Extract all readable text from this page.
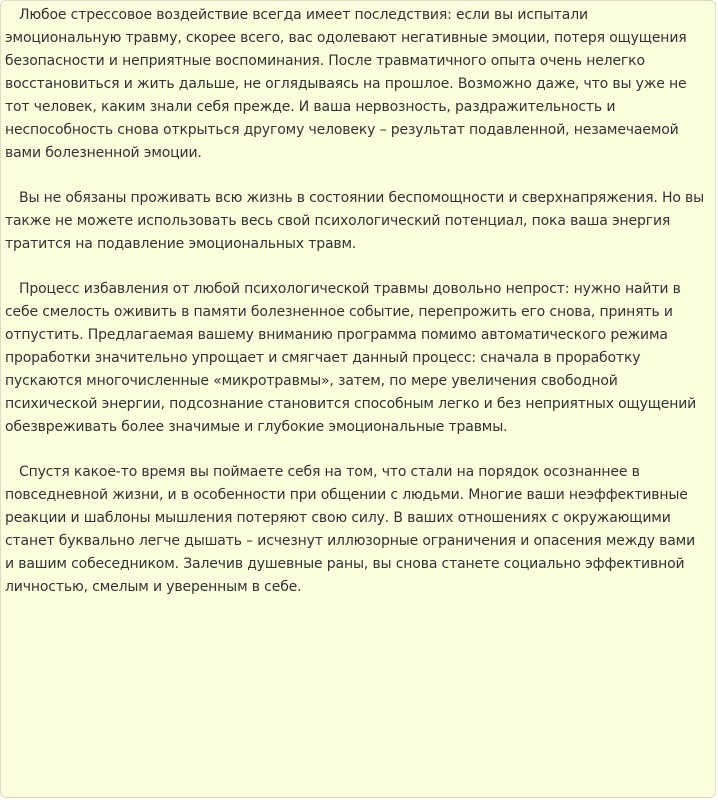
Любое стрессовое воздействие всегда имеет последствия: если вы испытали эмоциональную травму, скорее всего, вас одолевают негативные эмоции, потеря ощущения безопасности и неприятные воспоминания. После травматичного опыта очень нелегко восстановиться и жить дальше, не оглядываясь на прошлое. Возможно даже, что вы уже не тот человек, каким знали себя прежде. И ваша нервозность, раздражительность и неспособность снова открыться другому человеку – результат подавленной, незамечаемой вами болезненной эмоции.

Вы не обязаны проживать всю жизнь в состоянии беспомощности и сверхнапряжения. Но вы также не можете использовать весь свой психологический потенциал, пока ваша энергия тратится на подавление эмоциональных травм.

Процесс избавления от любой психологической травмы довольно непрост: нужно найти в себе смелость оживить в памяти болезненное событие, перепрожить его снова, принять и отпустить. Предлагаемая вашему вниманию программа помимо автоматического режима проработки значительно упрощает и смягчает данный процесс: сначала в проработку пускаются многочисленные «микротравмы», затем, по мере увеличения свободной психической энергии, подсознание становится способным легко и без неприятных ощущений обезвреживать более значимые и глубокие эмоциональные травмы.

Спустя какое-то время вы поймаете себя на том, что стали на порядок осознаннее в повседневной жизни, и в особенности при общении с людьми. Многие ваши неэффективные реакции и шаблоны мышления потеряют свою силу. В ваших отношениях с окружающими станет буквально легче дышать – исчезнут иллюзорные ограничения и опасения между вами и вашим собеседником. Залечив душевные раны, вы снова станете социально эффективной личностью, смелым и уверенным в себе.
